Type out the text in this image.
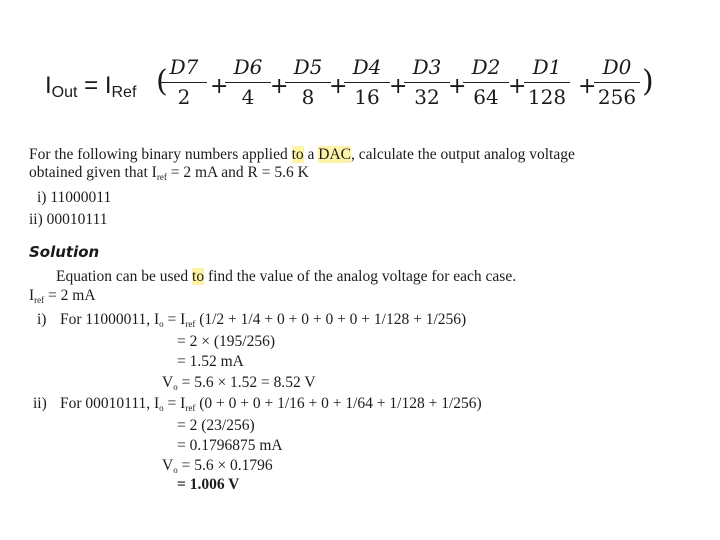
$I_{Out} = I_{Ref}$ ( D7
2 +
D6
4 +
D5
8 +
D4
16 +
D3
32 +
D2
64 +
D1
128 +
D0
256 )
For the following binary numbers applied to a DAC, calculate the output analog voltage
obtained given that Iref = 2 mA and R = 5.6 K
i) 11000011
ii) 00010111
Solution
Equation can be used to find the value of the analog voltage for each case.
Iref = 2 mA
i) For 11000011, Io = Iref (1/2 + 1/4 + 0 + 0 + 0 + 0 + 1/128 + 1/256)
= 2 × (195/256)
= 1.52 mA
Vo = 5.6 × 1.52 = 8.52 V
ii) For 00010111, Io = Iref (0 + 0 + 0 + 1/16 + 0 + 1/64 + 1/128 + 1/256)
= 2 (23/256)
= 0.1796875 mA
Vo = 5.6 × 0.1796
= 1.006 V
